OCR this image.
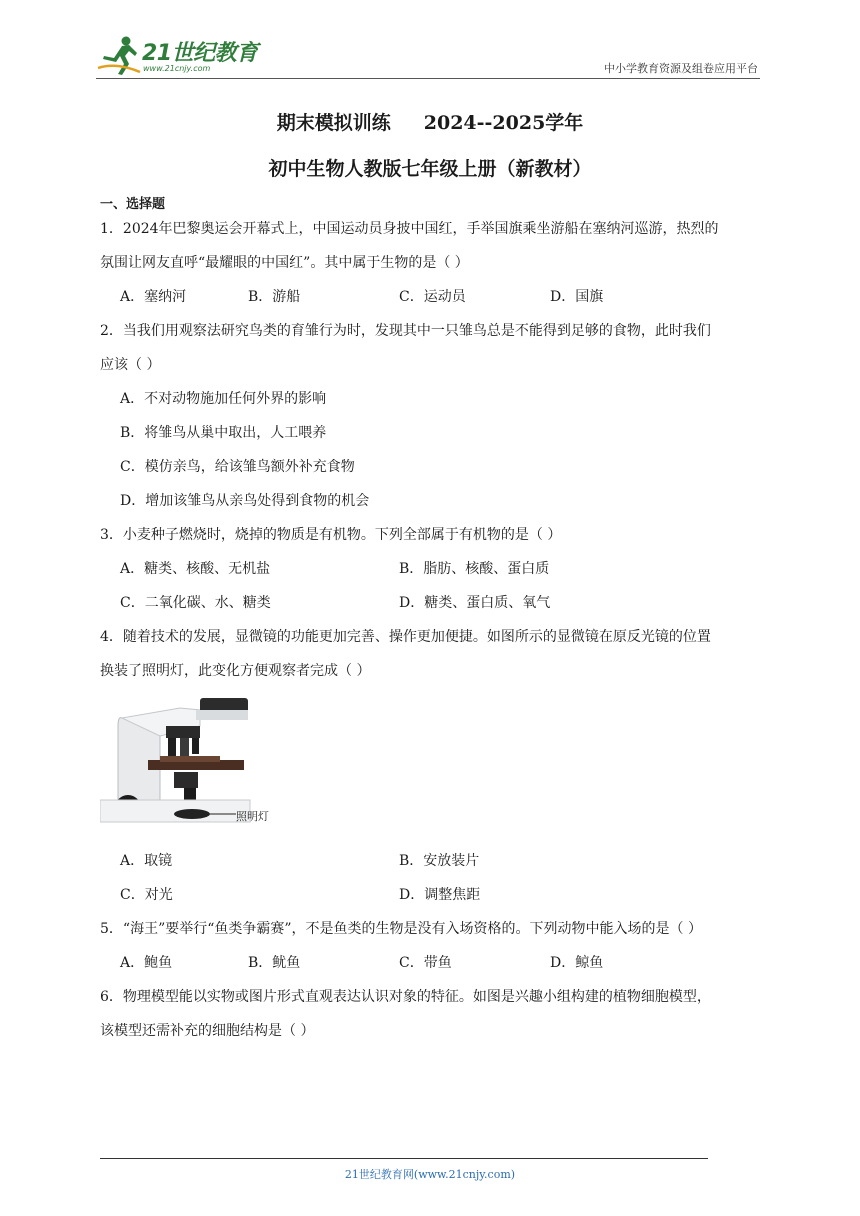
21世纪教育
www.21cnjy.com	中小学教育资源及组卷应用平台
期末模拟训练     2024--2025学年
初中生物人教版七年级上册（新教材）
一、选择题
1．2024年巴黎奥运会开幕式上，中国运动员身披中国红，手举国旗乘坐游船在塞纳河巡游，热烈的
氛围让网友直呼“最耀眼的中国红”。其中属于生物的是（ ）
A．塞纳河	B．游船	C．运动员	D．国旗
2．当我们用观察法研究鸟类的育雏行为时，发现其中一只雏鸟总是不能得到足够的食物，此时我们
应该（ ）
A．不对动物施加任何外界的影响
B．将雏鸟从巢中取出，人工喂养
C．模仿亲鸟，给该雏鸟额外补充食物
D．增加该雏鸟从亲鸟处得到食物的机会
3．小麦种子燃烧时，烧掉的物质是有机物。下列全部属于有机物的是（ ）
A．糖类、核酸、无机盐	B．脂肪、核酸、蛋白质
C．二氧化碳、水、糖类	D．糖类、蛋白质、氧气
4．随着技术的发展，显微镜的功能更加完善、操作更加便捷。如图所示的显微镜在原反光镜的位置
换装了照明灯，此变化方便观察者完成（ ）
照明灯
A．取镜	B．安放装片
C．对光	D．调整焦距
5．“海王”要举行“鱼类争霸赛”，不是鱼类的生物是没有入场资格的。下列动物中能入场的是（ ）
A．鲍鱼	B．鱿鱼	C．带鱼	D．鲸鱼
6．物理模型能以实物或图片形式直观表达认识对象的特征。如图是兴趣小组构建的植物细胞模型，
该模型还需补充的细胞结构是（ ）
21世纪教育网(www.21cnjy.com)
